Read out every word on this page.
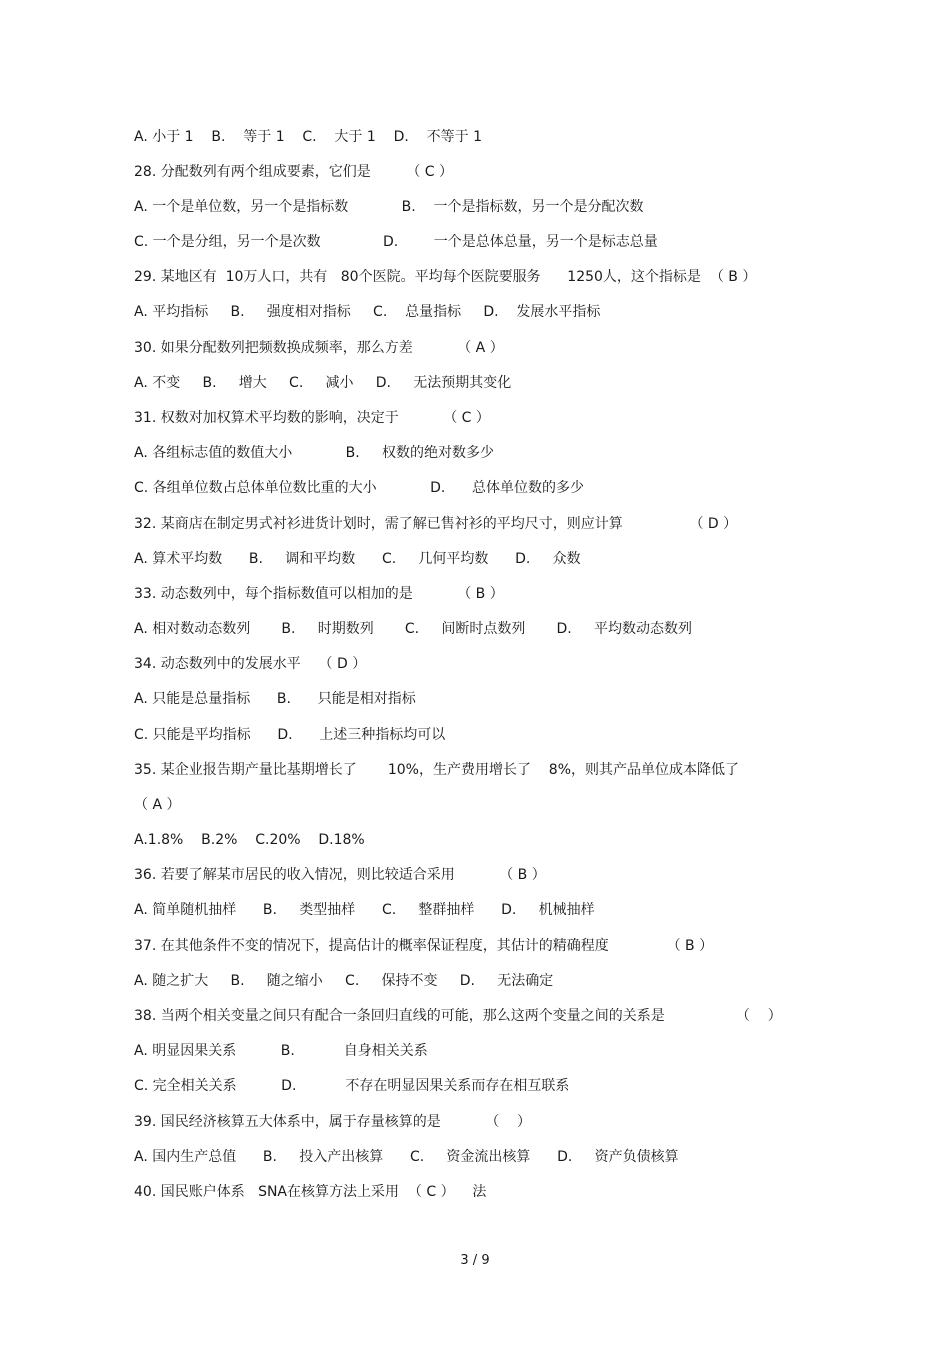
A. 小于 1    B.    等于 1    C.    大于 1    D.    不等于 1
28. 分配数列有两个组成要素，它们是        （ C ）
A. 一个是单位数，另一个是指标数            B.    一个是指标数，另一个是分配次数
C. 一个是分组，另一个是次数              D.        一个是总体总量，另一个是标志总量
29. 某地区有  10万人口，共有   80个医院。平均每个医院要服务      1250人，这个指标是  （ B ）
A. 平均指标     B.     强度相对指标     C.    总量指标     D.    发展水平指标
30. 如果分配数列把频数换成频率，那么方差          （ A ）
A. 不变     B.     增大     C.     减小     D.     无法预期其变化
31. 权数对加权算术平均数的影响，决定于          （ C ）
A. 各组标志值的数值大小            B.     权数的绝对数多少
C. 各组单位数占总体单位数比重的大小            D.      总体单位数的多少
32. 某商店在制定男式衬衫进货计划时，需了解已售衬衫的平均尺寸，则应计算               （ D ）
A. 算术平均数      B.     调和平均数      C.     几何平均数      D.     众数
33. 动态数列中，每个指标数值可以相加的是          （ B ）
A. 相对数动态数列       B.     时期数列       C.     间断时点数列       D.     平均数动态数列
34. 动态数列中的发展水平    （ D ）
A. 只能是总量指标      B.      只能是相对指标
C. 只能是平均指标      D.      上述三种指标均可以
35. 某企业报告期产量比基期增长了       10%，生产费用增长了    8%，则其产品单位成本降低了
（ A ）
A.1.8%    B.2%    C.20%    D.18%
36. 若要了解某市居民的收入情况，则比较适合采用          （ B ）
A. 简单随机抽样      B.     类型抽样      C.     整群抽样      D.     机械抽样
37. 在其他条件不变的情况下，提高估计的概率保证程度，其估计的精确程度             （ B ）
A. 随之扩大     B.     随之缩小     C.     保持不变     D.     无法确定
38. 当两个相关变量之间只有配合一条回归直线的可能，那么这两个变量之间的关系是                （    ）
A. 明显因果关系          B.           自身相关关系
C. 完全相关关系          D.           不存在明显因果关系而存在相互联系
39. 国民经济核算五大体系中，属于存量核算的是          （    ）
A. 国内生产总值      B.     投入产出核算      C.     资金流出核算      D.     资产负债核算
40. 国民账户体系   SNA在核算方法上采用  （ C ）    法
3 / 9
